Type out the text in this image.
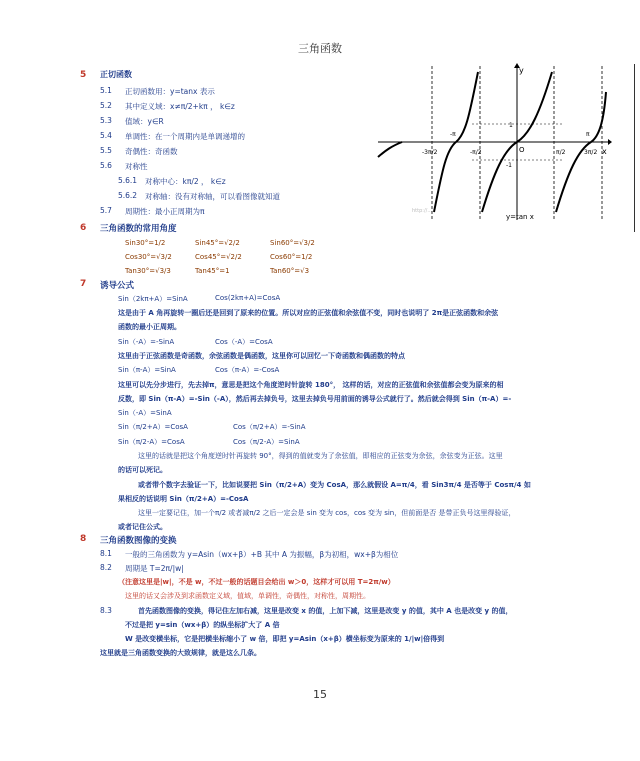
三角函数
5 正切函数
5.1 正切函数用：y=tanx 表示
5.2 其中定义域：x≠π/2+kπ ， k∈z
5.3 值域：y∈R
5.4 单调性：在一个周期内是单调递增的
5.5 奇偶性：奇函数
5.6 对称性
5.6.1 对称中心：kπ/2 ， k∈z
5.6.2 对称轴：没有对称轴，可以看图像就知道
5.7 周期性：最小正周期为π
y
x
O
-3π/2
-π
-π/2	π/2
π
3π/2
1
-1
y=tan x
http://...
6 三角函数的常用角度
Sin30°=1/2	Sin45°=√2/2	Sin60°=√3/2
Cos30°=√3/2	Cos45°=√2/2	Cos60°=1/2
Tan30°=√3/3	Tan45°=1	Tan60°=√3
7 诱导公式
Sin（2kπ+A）=SinA	Cos(2kπ+A)=CosA
这是由于 A 角再旋转一圈后还是回到了原来的位置。所以对应的正弦值和余弦值不变，同时也说明了 2π是正弦函数和余弦
函数的最小正周期。
Sin（-A）=-SinA	Cos（-A）=CosA
这里由于正弦函数是奇函数，余弦函数是偶函数，这里你可以回忆一下奇函数和偶函数的特点
Sin（π-A）=SinA	Cos（π-A）=-CosA
这里可以先分步进行，先去掉π，意思是把这个角度逆时针旋转 180°， 这样的话，对应的正弦值和余弦值都会变为原来的相
反数，即 Sin（π-A）=-Sin（-A），然后再去掉负号，这里去掉负号用前面的诱导公式就行了。然后就会得到 Sin（π-A）=-
Sin（-A）=SinA
Sin（π/2+A）=CosA	Cos（π/2+A）=-SinA
Sin（π/2-A）=CosA	Cos（π/2-A）=SinA
这里的话就是把这个角度逆时针再旋转 90°，得到的值就变为了余弦值，即相应的正弦变为余弦，余弦变为正弦。这里
的话可以死记。
或者带个数字去验证一下，比如说要把 Sin（π/2+A）变为 CosA，那么就假设 A=π/4，看 Sin3π/4 是否等于 Cosπ/4 如
果相反的话说明 Sin（π/2+A）=-CosA
这里一定要记住，加一个π/2 或者减π/2 之后一定会是 sin 变为 cos，cos 变为 sin，但前面是否 是带正负号这里得验证，
或者记住公式。
8 三角函数图像的变换
8.1 一般的三角函数为 y=Asin（wx+β）+B 其中 A 为振幅，β为初相，wx+β为相位
8.2 周期是 T=2π/|w|
（注意这里是|w|，不是 w，不过一般的话题目会给出 w＞0，这样才可以用 T=2π/w）
这里的话又会涉及到求函数定义域，值域，单调性，奇偶性，对称性，周期性。
8.3	首先函数图像的变换，得记住左加右减，这里是改变 x 的值，上加下减，这里是改变 y 的值，其中 A 也是改变 y 的值，
不过是把 y=sin（wx+β）的纵坐标扩大了 A 倍
W 是改变横坐标，它是把横坐标缩小了 w 倍，即把 y=Asin（x+β）横坐标变为原来的 1/|w|倍得到
这里就是三角函数变换的大致规律，就是这么几条。
15
